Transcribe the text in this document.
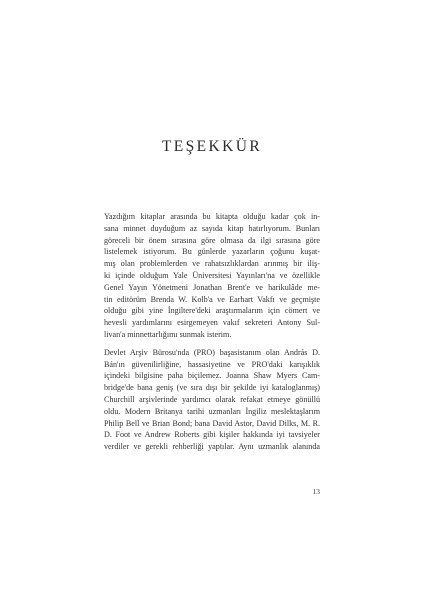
TEŞEKKÜR

Yazdığım kitaplar arasında bu kitapta olduğu kadar çok in-
sana minnet duyduğum az sayıda kitap hatırlıyorum. Bunları
göreceli bir önem sırasına göre olmasa da ilgi sırasına göre
listelemek istiyorum. Bu günlerde yazarların çoğunu kuşat-
mış olan problemlerden ve rahatsızlıklardan arınmış bir iliş-
ki içinde olduğum Yale Üniversitesi Yayınları'na ve özellikle
Genel Yayın Yönetmeni Jonathan Brent'e ve harikulâde me-
tin editörüm Brenda W. Kolb'a ve Earhart Vakfı ve geçmişte
olduğu gibi yine İngiltere'deki araştırmalarım için cömert ve
hevesli yardımlarını esirgemeyen vakıf sekreteri Antony Sul-
livan'a minnettarlığımı sunmak isterim.

Devlet Arşiv Bürosu'nda (PRO) başasistanım olan András D.
Bán'ın güvenilirliğine, hassasiyetine ve PRO'daki karışıklık
içindeki bilgisine paha biçilemez. Joanna Shaw Myers Cam-
bridge'de bana geniş (ve sıra dışı bir şekilde iyi kataloglanmış)
Churchill arşivlerinde yardımcı olarak refakat etmeye gönüllü
oldu. Modern Britanya tarihi uzmanları İngiliz meslektaşlarım
Philip Bell ve Brian Bond; bana David Astor, David Dilks, M. R.
D. Foot ve Andrew Roberts gibi kişiler hakkında iyi tavsiyeler
verdiler ve gerekli rehberliği yaptılar. Aynı uzmanlık alanında

13
